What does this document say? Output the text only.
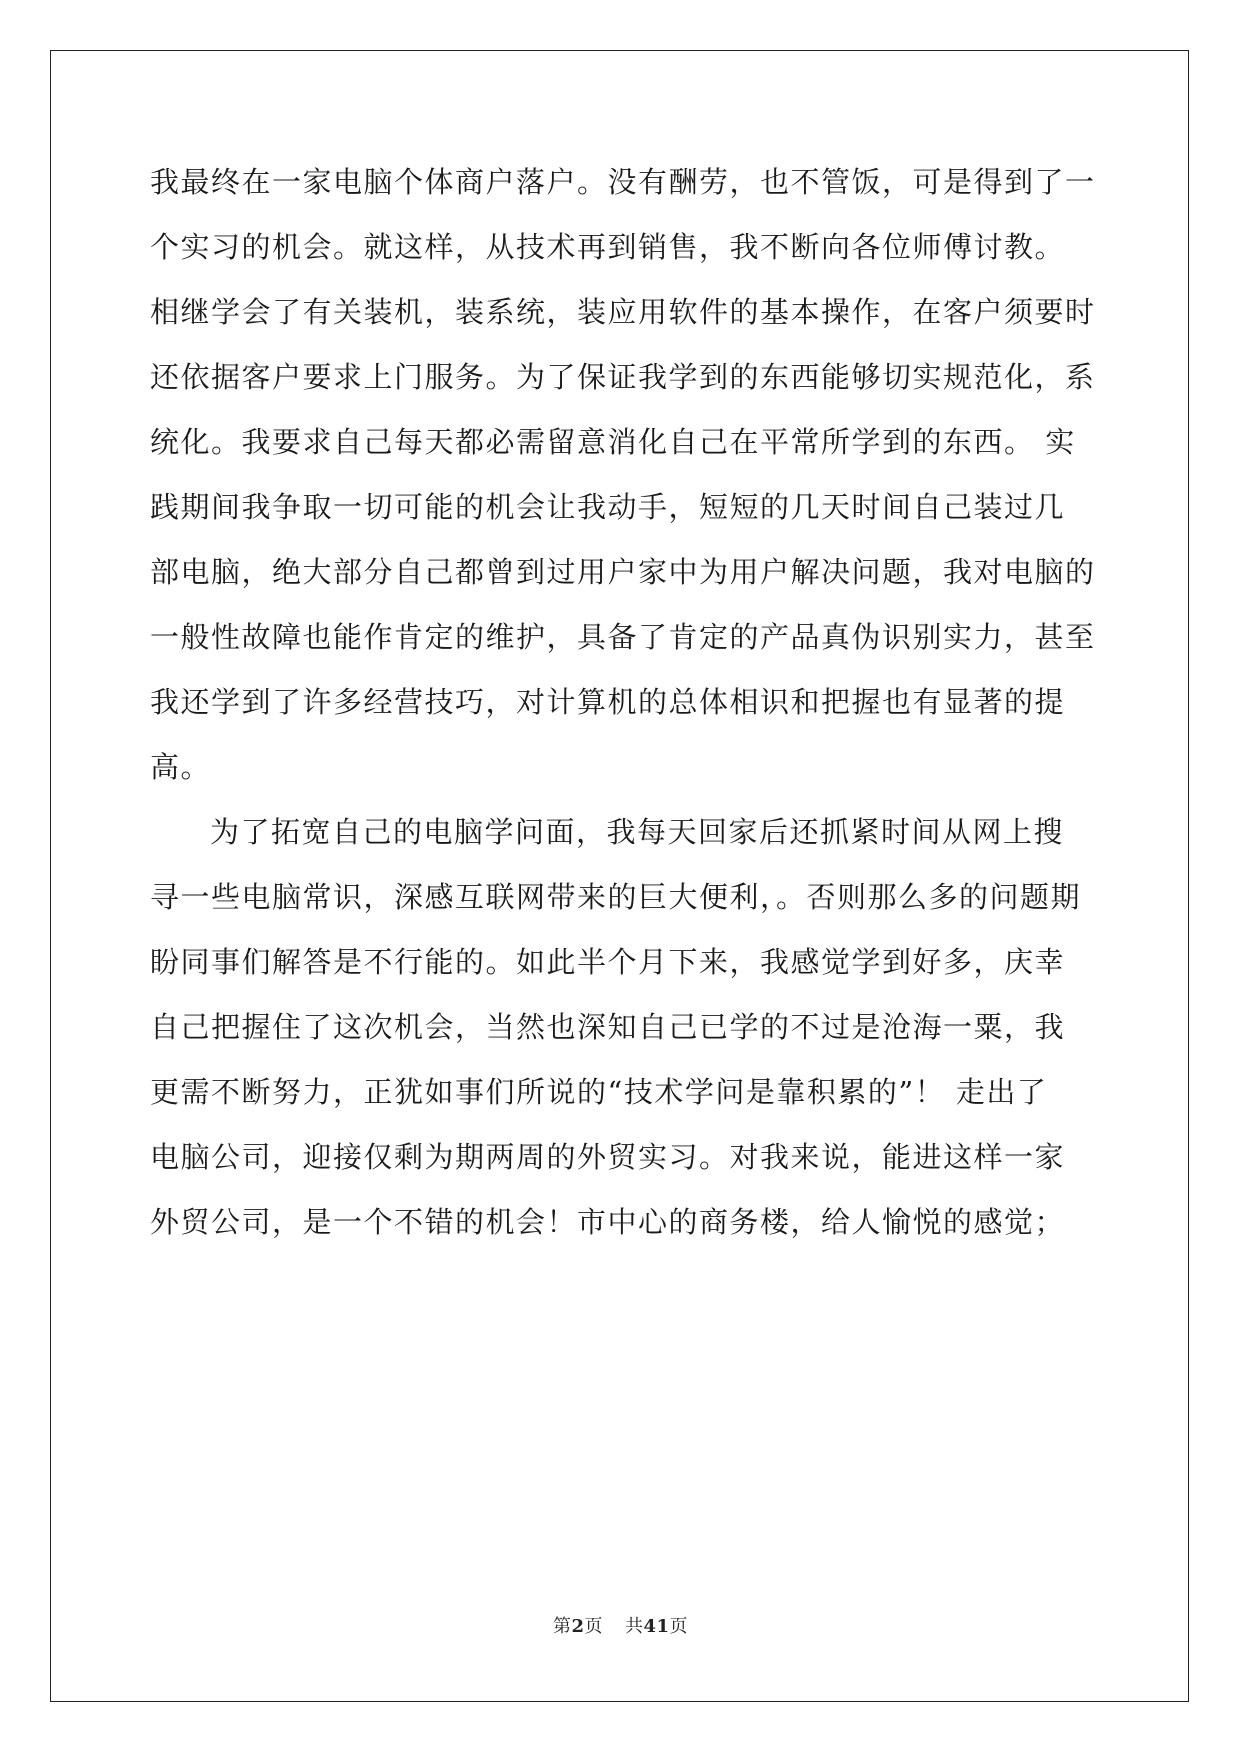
我最终在一家电脑个体商户落户。没有酬劳，也不管饭，可是得到了一
个实习的机会。就这样，从技术再到销售，我不断向各位师傅讨教。
相继学会了有关装机，装系统，装应用软件的基本操作，在客户须要时
还依据客户要求上门服务。为了保证我学到的东西能够切实规范化，系
统化。我要求自己每天都必需留意消化自己在平常所学到的东西。 实
践期间我争取一切可能的机会让我动手，短短的几天时间自己装过几
部电脑，绝大部分自己都曾到过用户家中为用户解决问题，我对电脑的
一般性故障也能作肯定的维护，具备了肯定的产品真伪识别实力，甚至
我还学到了许多经营技巧，对计算机的总体相识和把握也有显著的提
高。
为了拓宽自己的电脑学问面，我每天回家后还抓紧时间从网上搜
寻一些电脑常识，深感互联网带来的巨大便利，。否则那么多的问题期
盼同事们解答是不行能的。如此半个月下来，我感觉学到好多，庆幸
自己把握住了这次机会，当然也深知自己已学的不过是沧海一粟，我
更需不断努力，正犹如事们所说的“技术学问是靠积累的”！ 走出了
电脑公司，迎接仅剩为期两周的外贸实习。对我来说，能进这样一家
外贸公司，是一个不错的机会！市中心的商务楼，给人愉悦的感觉；
第2页 共41页
